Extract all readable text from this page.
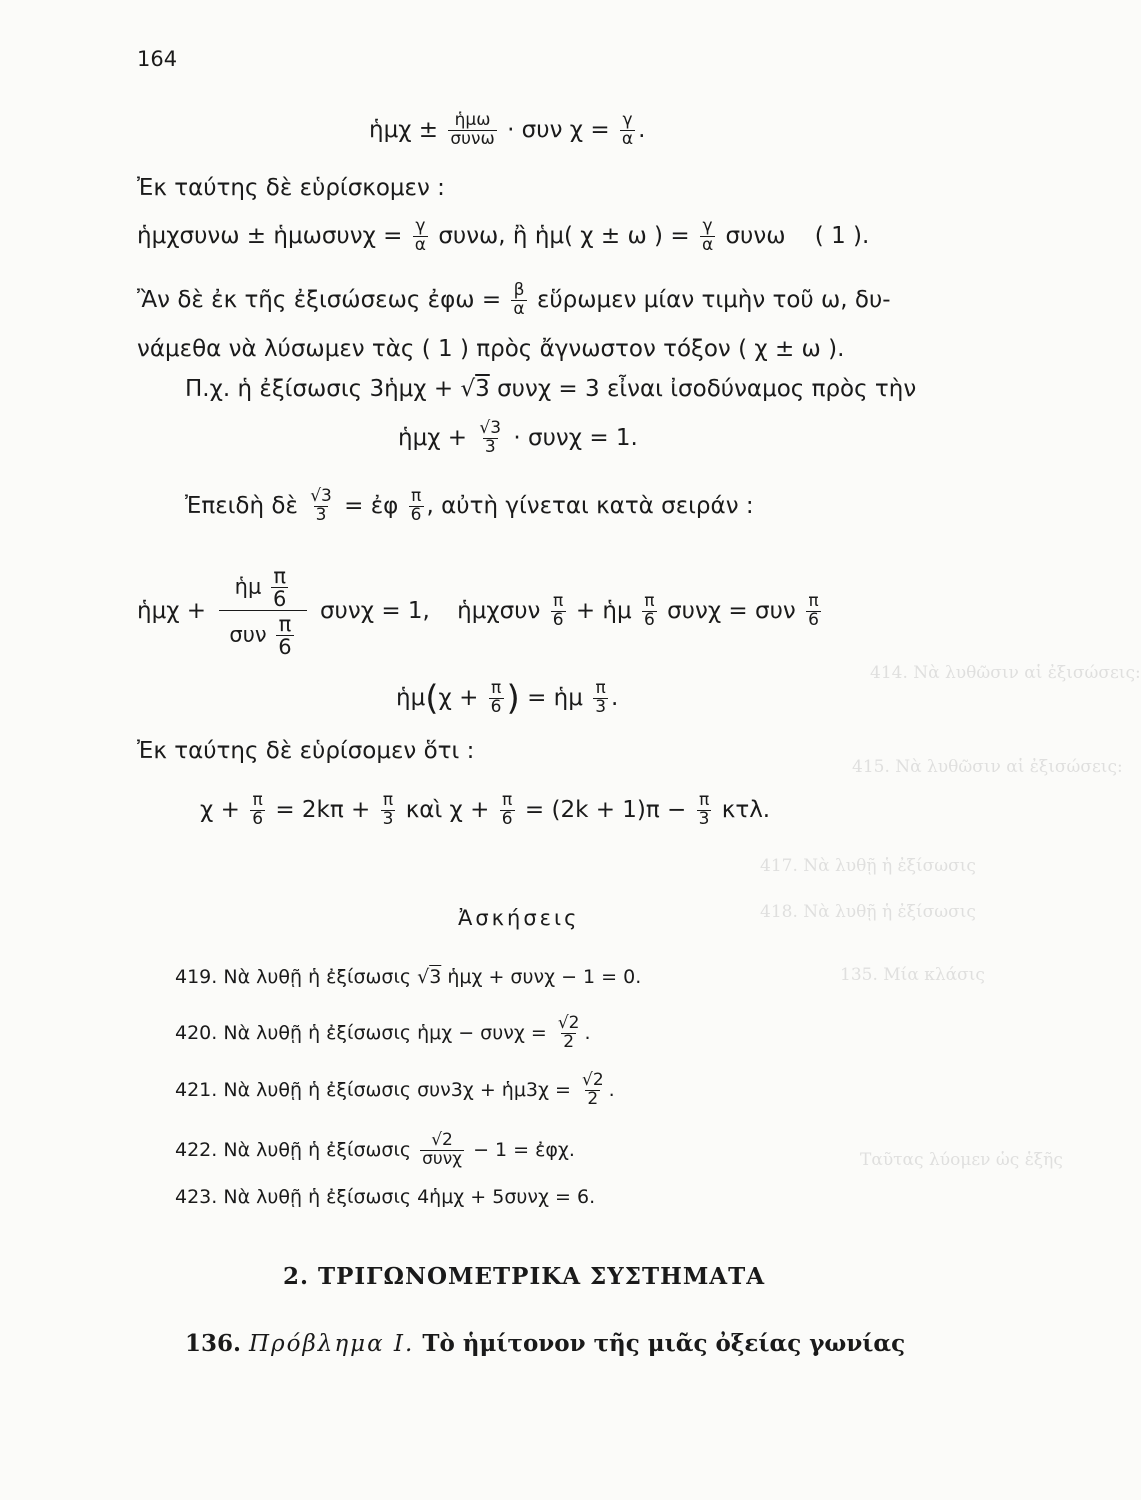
414. Νὰ λυθῶσιν αἱ ἐξισώσεις:
415. Νὰ λυθῶσιν αἱ ἐξισώσεις:
417. Νὰ λυθῇ ἡ ἐξίσωσις
418. Νὰ λυθῇ ἡ ἐξίσωσις
135. Μία κλάσις
Ταῦτας λύομεν ὡς ἑξῆς
164
ἡμχ ± $\frac{\text{ἡμω}}{\text{συνω}} \cdot \sigma\upsilon\nu$ $\chi = \frac{\gamma}{\alpha}$ .
Ἐκ ταύτης δὲ εὑρίσκομεν :
ἡμχσυνω ± ἡμωσυνχ = $\frac{\gamma}{\alpha} \sigma\upsilon\nu\omega$, ἢ ἡμ( χ ± ω ) = $\frac{\gamma}{\alpha}$ συνω ( 1 ).
Ἂν δὲ ἐκ τῆς ἐξισώσεως ἐφω = $\frac{\beta}{\alpha}$ εὕρωμεν μίαν τιμὴν τοῦ ω, δυ-
νάμεθα νὰ λύσωμεν τὰς ( 1 ) πρὸς ἄγνωστον τόξον ( χ ± ω ).
Π.χ. ἡ ἐξίσωσις 3ἡμχ + √3 συνχ = 3 εἶναι ἰσοδύναμος πρὸς τὴν
ἡμχ + $\frac{√3}{3} \cdot \sigma\upsilon\nu\chi = 1$.
Ἐπειδὴ δὲ $\frac{√3}{3}$ = ἐφ $\frac{\pi}{6}$ , αὐτὴ γίνεται κατὰ σειράν :
ἡμχ + $\frac{ἡ\mu \frac{\pi}{6}}{\sigma\upsilon\nu \frac{\pi}{6}}$ συνχ = 1, ἡμχσυν $\frac{\pi}{6}$ + ἡμ $\frac{\pi}{6}$ συνχ = συν $\frac{\pi}{6}$
ἡμ(χ + $\frac{\pi}{6}$ ) = ἡμ $\frac{\pi}{3}$ .
Ἐκ ταύτης δὲ εὑρίσομεν ὅτι :
$\chi + \frac{\pi}{6} = 2k\pi + \frac{\pi}{3}$ καὶ $\chi + \frac{\pi}{6} = (2k + 1)\pi - \frac{\pi}{3} \kappa\tau\lambda$.
Ἀσκήσεις
419. Νὰ λυθῇ ἡ ἐξίσωσις √3 ἡμχ + συνχ − 1 = 0.
420. Νὰ λυθῇ ἡ ἐξίσωσις ἡμχ − $\sigma\upsilon\nu\chi = \frac{√2}{2}$ .
421. Νὰ λυθῇ ἡ ἐξίσωσις συν3χ + ἡμ3χ = $\frac{√2}{2}$ .
422. Νὰ λυθῇ ἡ ἐξίσωσις $\frac{√2}{\text{συνχ}} - 1$ = ἐφχ.
423. Νὰ λυθῇ ἡ ἐξίσωσις 4ἡμχ + 5συνχ = 6.
2. ΤΡΙΓΩΝΟΜΕΤΡΙΚΑ ΣΥΣΤΗΜΑΤΑ
136. Πρόβλημα Ι. Τὸ ἡμίτονον τῆς μιᾶς ὀξείας γωνίας
